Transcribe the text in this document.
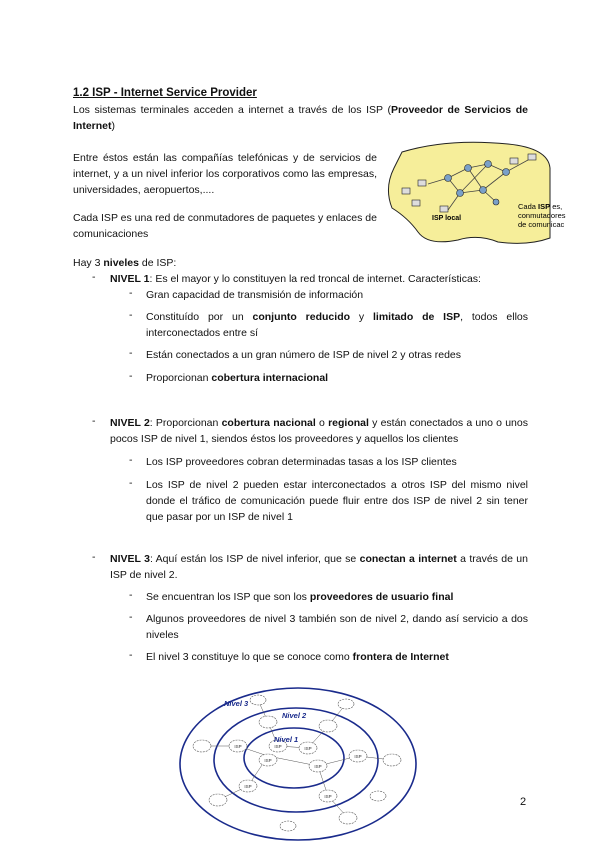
1.2 ISP - Internet Service Provider
Los sistemas terminales acceden a internet a través de los ISP (Proveedor de Servicios de Internet)
Entre éstos están las compañías telefónicas y de servicios de internet, y a un nivel inferior los corporativos como las empresas, universidades, aeropuertos,....
Cada ISP es una red de conmutadores de paquetes y enlaces de comunicaciones
ISP local
Cada ISP es,
conmutadores
de comunicac
Hay 3 niveles de ISP:
- NIVEL 1: Es el mayor y lo constituyen la red troncal de internet. Características:
- Gran capacidad de transmisión de información
- Constituído por un conjunto reducido y limitado de ISP, todos ellos interconectados entre sí
- Están conectados a un gran número de ISP de nivel 2 y otras redes
- Proporcionan cobertura internacional
- NIVEL 2: Proporcionan cobertura nacional o regional y están conectados a uno o unos pocos ISP de nivel 1, siendos éstos los proveedores y aquellos los clientes
- Los ISP proveedores cobran determinadas tasas a los ISP clientes
- Los ISP de nivel 2 pueden estar interconectados a otros ISP del mismo nivel donde el tráfico de comunicación puede fluir entre dos ISP de nivel 2 sin tener que pasar por un ISP de nivel 1
- NIVEL 3: Aquí están los ISP de nivel inferior, que se conectan a internet a través de un ISP de nivel 2.
- Se encuentran los ISP que son los proveedores de usuario final
- Algunos proveedores de nivel 3 también son de nivel 2, dando así servicio a dos niveles
- El nivel 3 constituye lo que se conoce como frontera de Internet
ISP	ISP
ISP
ISP
ISP
ISP
ISP
ISP
Nivel 3
Nivel 2
Nivel 1
2
